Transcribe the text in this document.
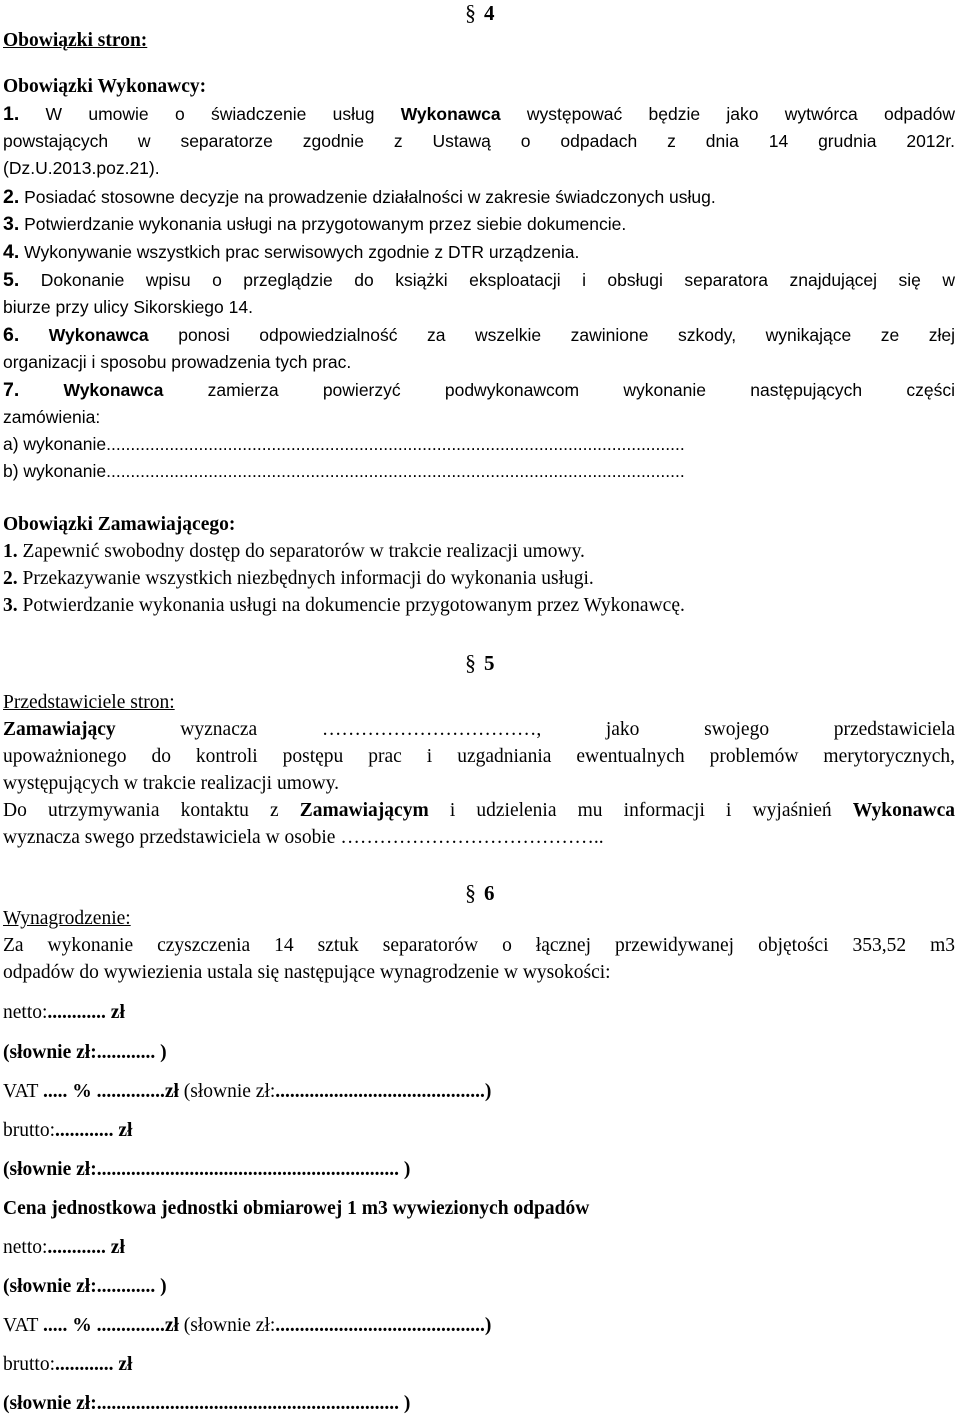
§ 4
Obowiązki stron:
Obowiązki Wykonawcy:
1. W umowie o świadczenie usług Wykonawca występować będzie jako wytwórca odpadów
powstających w separatorze zgodnie z Ustawą o odpadach z dnia 14 grudnia 2012r.
(Dz.U.2013.poz.21).
2. Posiadać stosowne decyzje na prowadzenie działalności w zakresie świadczonych usług.
3. Potwierdzanie wykonania usługi na przygotowanym przez siebie dokumencie.
4. Wykonywanie wszystkich prac serwisowych zgodnie z DTR urządzenia.
5. Dokonanie wpisu o przeglądzie do książki eksploatacji i obsługi separatora znajdującej się w
biurze przy ulicy Sikorskiego 14.
6. Wykonawca ponosi odpowiedzialność za wszelkie zawinione szkody, wynikające ze złej
organizacji i sposobu prowadzenia tych prac.
7. Wykonawca zamierza powierzyć podwykonawcom wykonanie następujących części
zamówienia:
a) wykonanie.......................................................................................................................
b) wykonanie.......................................................................................................................
Obowiązki Zamawiającego:
1. Zapewnić swobodny dostęp do separatorów w trakcie realizacji umowy.
2. Przekazywanie wszystkich niezbędnych informacji do wykonania usługi.
3. Potwierdzanie wykonania usługi na dokumencie przygotowanym przez Wykonawcę.
§ 5
Przedstawiciele stron:
Zamawiający wyznacza ……………………………, jako swojego przedstawiciela
upoważnionego do kontroli postępu prac i uzgadniania ewentualnych problemów merytorycznych,
występujących w trakcie realizacji umowy.
Do utrzymywania kontaktu z Zamawiającym i udzielenia mu informacji i wyjaśnień Wykonawca
wyznacza swego przedstawiciela w osobie …………………………………..
§ 6
Wynagrodzenie:
Za wykonanie czyszczenia 14 sztuk separatorów o łącznej przewidywanej objętości 353,52 m3
odpadów do wywiezienia ustala się następujące wynagrodzenie w wysokości:
netto:............ zł
(słownie zł:............ )
VAT ..... % ..............zł (słownie zł:...........................................)
brutto:............ zł
(słownie zł:.............................................................. )
Cena jednostkowa jednostki obmiarowej 1 m3 wywiezionych odpadów
netto:............ zł
(słownie zł:............ )
VAT ..... % ..............zł (słownie zł:...........................................)
brutto:............ zł
(słownie zł:.............................................................. )
